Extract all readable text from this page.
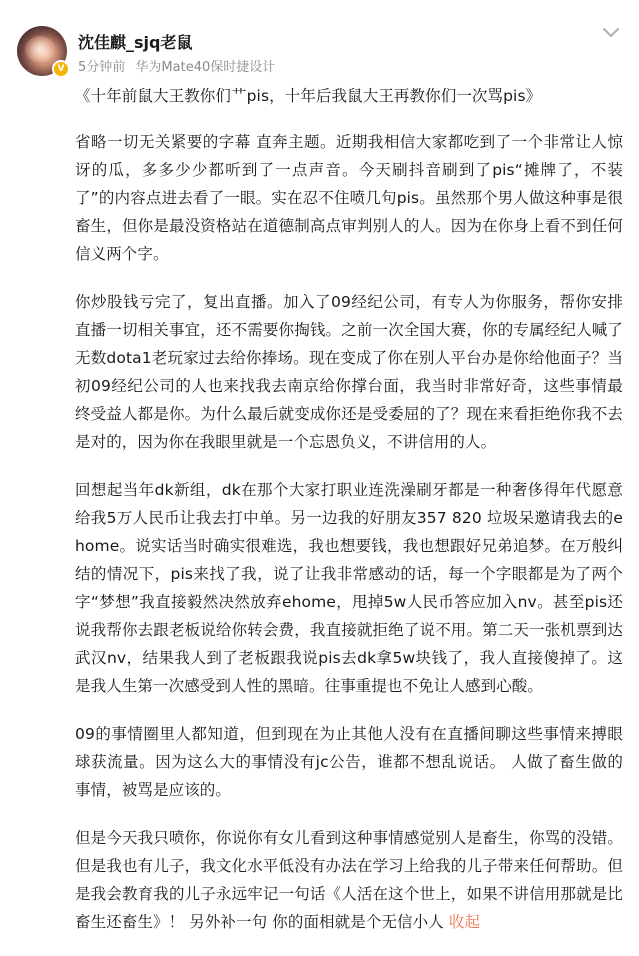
V
沈佳麒_sjq老鼠
5分钟前 华为Mate40保时捷设计

《十年前鼠大王教你们艹pis，十年后我鼠大王再教你们一次骂pis》

省略一切无关紧要的字幕 直奔主题。近期我相信大家都吃到了一个非常让人惊讶的瓜，多多少少都听到了一点声音。今天刷抖音刷到了pis“摊牌了，不装了”的内容点进去看了一眼。实在忍不住喷几句pis。虽然那个男人做这种事是很畜生，但你是最没资格站在道德制高点审判别人的人。因为在你身上看不到任何信义两个字。

你炒股钱亏完了，复出直播。加入了09经纪公司，有专人为你服务，帮你安排直播一切相关事宜，还不需要你掏钱。之前一次全国大赛，你的专属经纪人喊了无数dota1老玩家过去给你捧场。现在变成了你在别人平台办是你给他面子？当初09经纪公司的人也来找我去南京给你撑台面，我当时非常好奇，这些事情最终受益人都是你。为什么最后就变成你还是受委屈的了？现在来看拒绝你我不去是对的，因为你在我眼里就是一个忘恩负义，不讲信用的人。

回想起当年dk新组，dk在那个大家打职业连洗澡刷牙都是一种奢侈得年代愿意给我5万人民币让我去打中单。另一边我的好朋友357 820 垃圾呆邀请我去的ehome。说实话当时确实很难选，我也想要钱，我也想跟好兄弟追梦。在万般纠结的情况下，pis来找了我，说了让我非常感动的话，每一个字眼都是为了两个字“梦想”我直接毅然决然放弃ehome，甩掉5w人民币答应加入nv。甚至pis还说我帮你去跟老板说给你转会费，我直接就拒绝了说不用。第二天一张机票到达武汉nv，结果我人到了老板跟我说pis去dk拿5w块钱了，我人直接傻掉了。这是我人生第一次感受到人性的黑暗。往事重提也不免让人感到心酸。

09的事情圈里人都知道，但到现在为止其他人没有在直播间聊这些事情来搏眼球获流量。因为这么大的事情没有jc公告，谁都不想乱说话。 人做了畜生做的事情，被骂是应该的。

但是今天我只喷你，你说你有女儿看到这种事情感觉别人是畜生，你骂的没错。但是我也有儿子，我文化水平低没有办法在学习上给我的儿子带来任何帮助。但是我会教育我的儿子永远牢记一句话《人活在这个世上，如果不讲信用那就是比畜生还畜生》！ 另外补一句 你的面相就是个无信小人 收起
